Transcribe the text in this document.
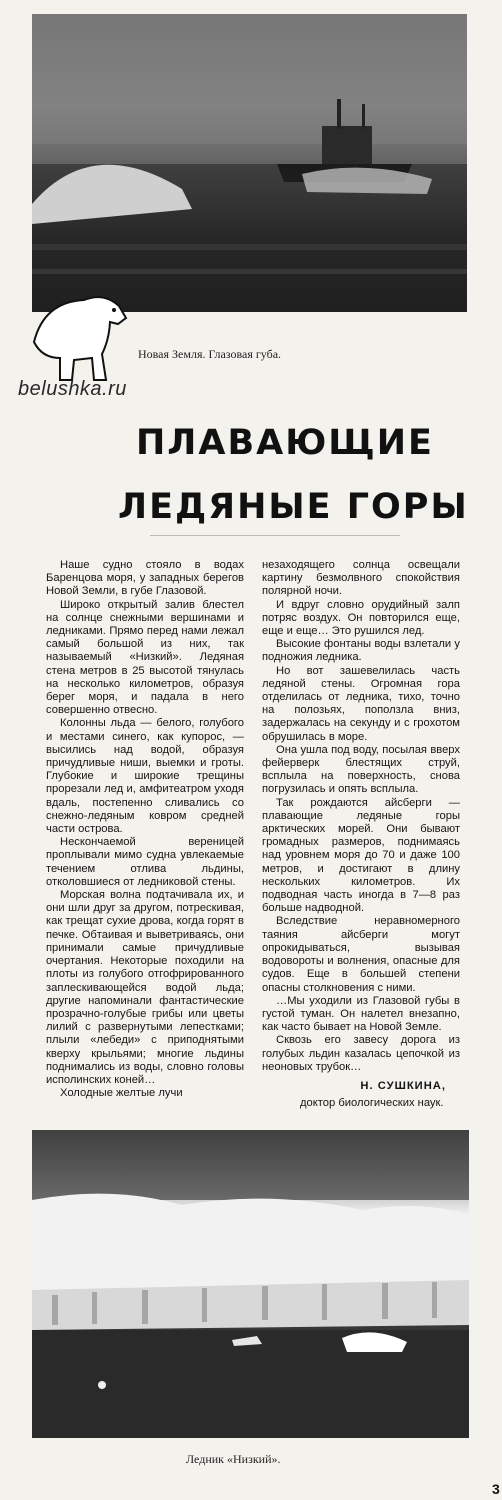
belushka.ru
Новая Земля. Глазовая губа.
ПЛАВАЮЩИЕ
ЛЕДЯНЫЕ ГОРЫ

Наше судно стояло в водах Баренцова моря, у западных берегов Новой Земли, в губе Глазовой.

Широко открытый залив блестел на солнце снежными вершинами и ледниками. Прямо перед нами лежал самый большой из них, так называемый «Низкий». Ледяная стена метров в 25 высотой тянулась на несколько километров, образуя берег моря, и падала в него совершенно отвесно.

Колонны льда — белого, голубого и местами синего, как купорос, — высились над водой, образуя причудливые ниши, выемки и гроты. Глубокие и широкие трещины прорезали лед и, амфитеатром уходя вдаль, постепенно сливались со снежно-ледяным ковром средней части острова.

Нескончаемой вереницей проплывали мимо судна увлекаемые течением отлива льдины, отколовшиеся от ледниковой стены.

Морская волна подтачивала их, и они шли друг за другом, потрескивая, как трещат сухие дрова, когда горят в печке. Обтаивая и выветриваясь, они принимали самые причудливые очертания. Некоторые походили на плоты из голубого отгофрированного заплескивающейся водой льда; другие напоминали фантастические прозрачно-голубые грибы или цветы лилий с развернутыми лепестками; плыли «лебеди» с приподнятыми кверху крыльями; многие льдины поднимались из воды, словно головы исполинских коней…

Холодные желтые лучи

незаходящего солнца освещали картину безмолвного спокойствия полярной ночи.

И вдруг словно орудийный залп потряс воздух. Он повторился еще, еще и еще… Это рушился лед.

Высокие фонтаны воды взлетали у подножия ледника.

Но вот зашевелилась часть ледяной стены. Огромная гора отделилась от ледника, тихо, точно на полозьях, поползла вниз, задержалась на секунду и с грохотом обрушилась в море.

Она ушла под воду, посылая вверх фейерверк блестящих струй, всплыла на поверхность, снова погрузилась и опять всплыла.

Так рождаются айсберги — плавающие ледяные горы арктических морей. Они бывают громадных размеров, поднимаясь над уровнем моря до 70 и даже 100 метров, и достигают в длину нескольких километров. Их подводная часть иногда в 7—8 раз больше надводной.

Вследствие неравномерного таяния айсберги могут опрокидываться, вызывая водовороты и волнения, опасные для судов. Еще в большей степени опасны столкновения с ними.

…Мы уходили из Глазовой губы в густой туман. Он налетел внезапно, как часто бывает на Новой Земле.

Сквозь его завесу дорога из голубых льдин казалась цепочкой из неоновых трубок…

Н. СУШКИНА,
доктор биологических наук.
Ледник «Низкий».
3
